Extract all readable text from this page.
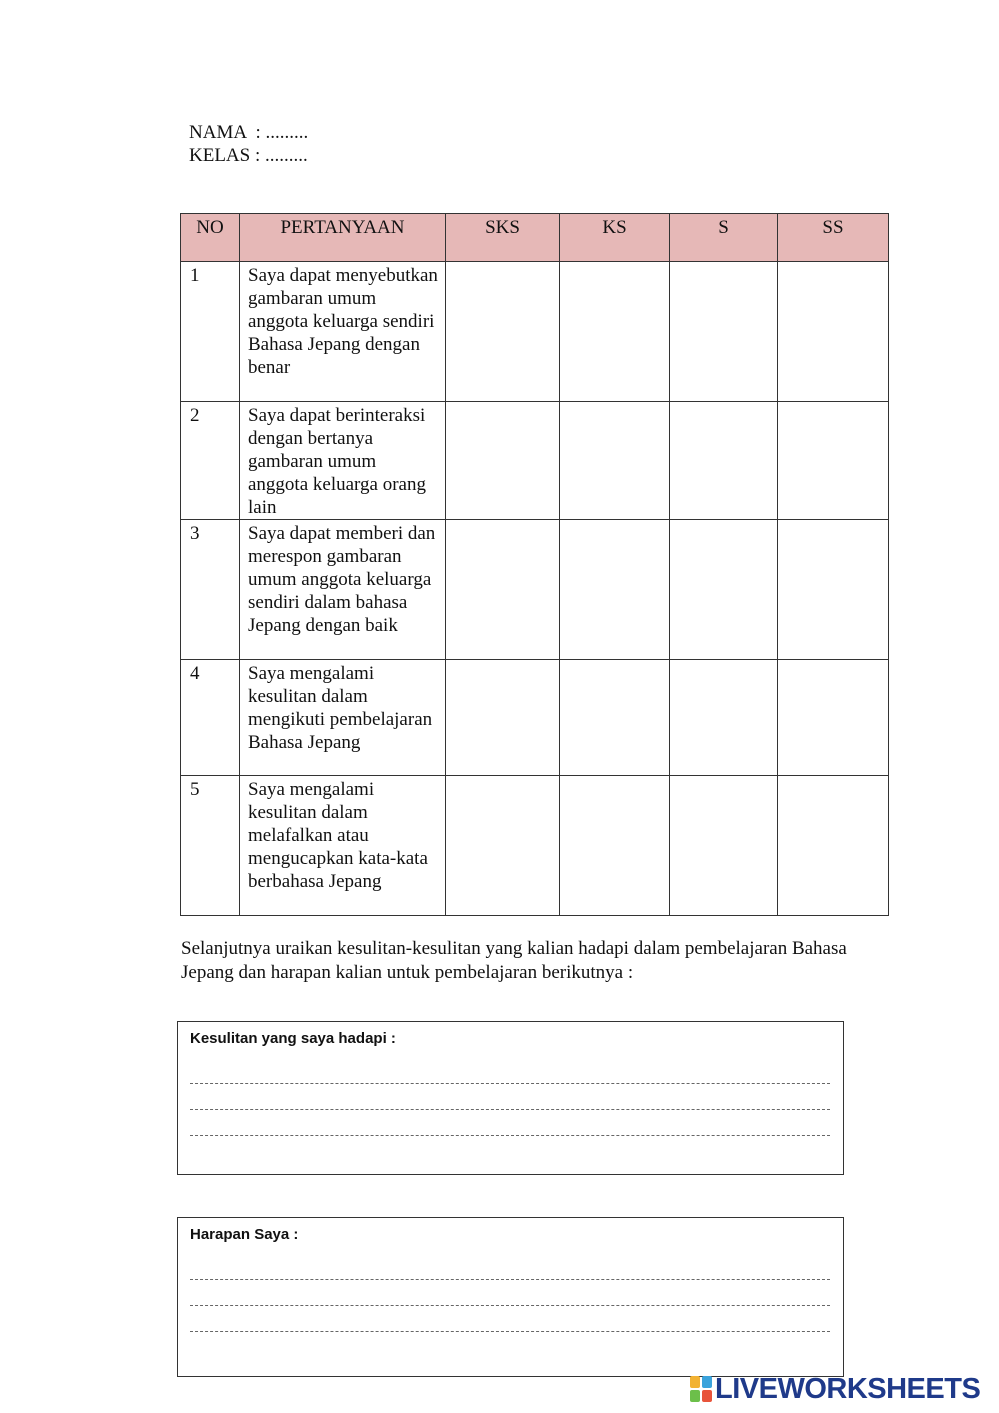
NAMA  : .........
KELAS : .........
NO	PERTANYAAN	SKS	KS	S	SS
1	Saya dapat menyebutkan gambaran umum anggota keluarga sendiri Bahasa Jepang dengan benar				
2	Saya dapat berinteraksi dengan bertanya gambaran umum anggota keluarga orang lain				
3	Saya dapat memberi dan merespon gambaran umum anggota keluarga sendiri dalam bahasa Jepang dengan baik				
4	Saya mengalami kesulitan dalam mengikuti pembelajaran Bahasa Jepang				
5	Saya mengalami kesulitan dalam melafalkan atau mengucapkan kata-kata berbahasa Jepang				
Selanjutnya uraikan kesulitan-kesulitan yang kalian hadapi dalam pembelajaran Bahasa Jepang dan harapan kalian untuk pembelajaran berikutnya :
Kesulitan yang saya hadapi :
Harapan Saya :
LIVEWORKSHEETS
